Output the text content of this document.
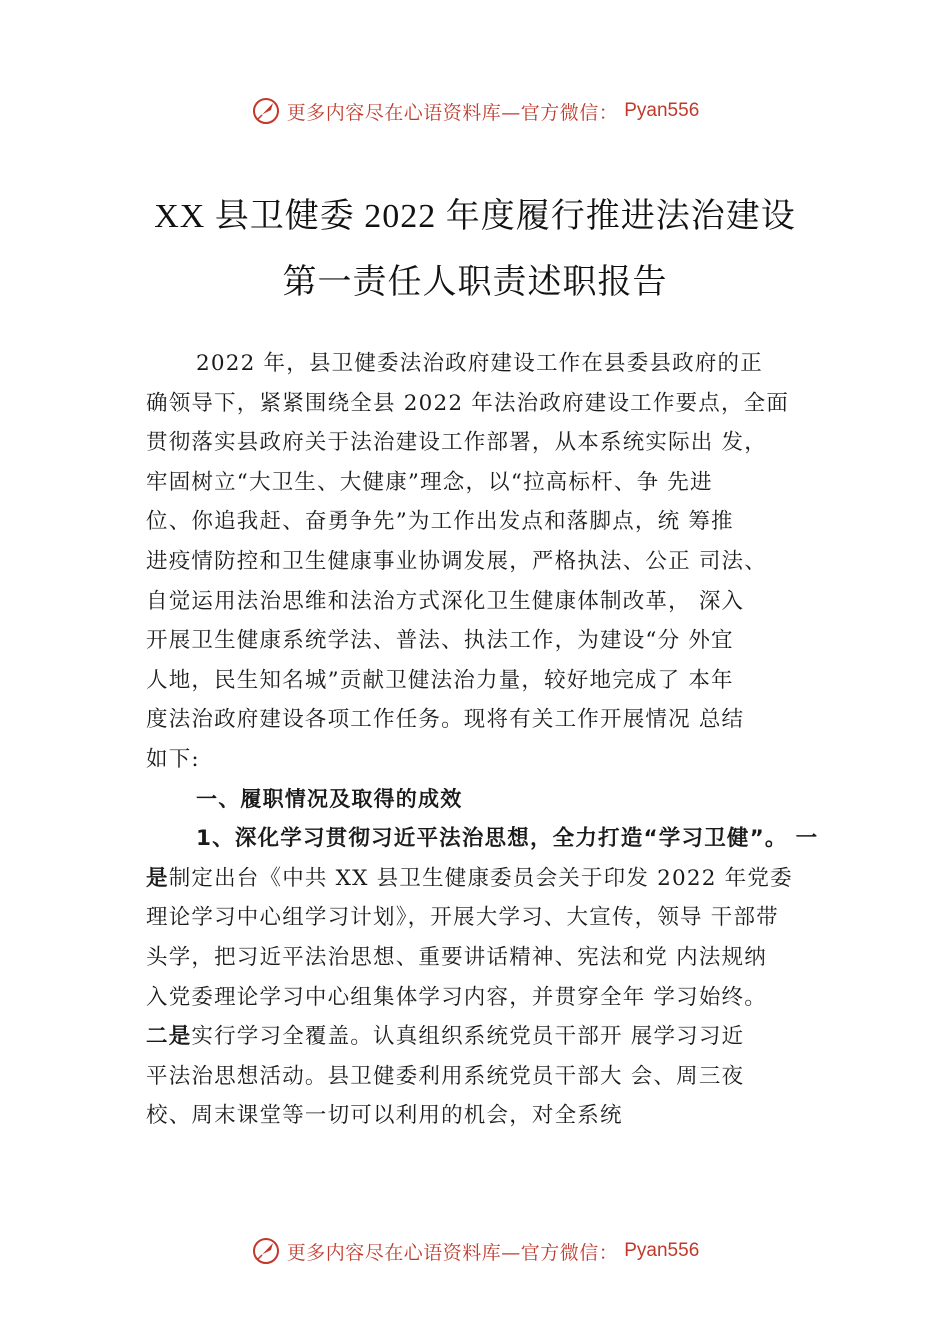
更多内容尽在心语资料库—官方微信： Pyan556
XX 县卫健委 2022 年度履行推进法治建设
第一责任人职责述职报告
2022 年，县卫健委法治政府建设工作在县委县政府的正
确领导下，紧紧围绕全县 2022 年法治政府建设工作要点，全面
贯彻落实县政府关于法治建设工作部署，从本系统实际出 发，
牢固树立“大卫生、大健康”理念，以“拉高标杆、争 先进
位、你追我赶、奋勇争先”为工作出发点和落脚点，统 筹推
进疫情防控和卫生健康事业协调发展，严格执法、公正 司法、
自觉运用法治思维和法治方式深化卫生健康体制改革， 深入
开展卫生健康系统学法、普法、执法工作，为建设“分 外宜
人地，民生知名城”贡献卫健法治力量，较好地完成了 本年
度法治政府建设各项工作任务。现将有关工作开展情况 总结
如下:
一、履职情况及取得的成效
1、深化学习贯彻习近平法治思想，全力打造“学习卫健”。 一
是制定出台《中共 XX 县卫生健康委员会关于印发 2022 年党委
理论学习中心组学习计划》，开展大学习、大宣传，领导 干部带
头学，把习近平法治思想、重要讲话精神、宪法和党 内法规纳
入党委理论学习中心组集体学习内容，并贯穿全年 学习始终。
二是实行学习全覆盖。认真组织系统党员干部开 展学习习近
平法治思想活动。县卫健委利用系统党员干部大 会、周三夜
校、周末课堂等一切可以利用的机会，对全系统
更多内容尽在心语资料库—官方微信： Pyan556
